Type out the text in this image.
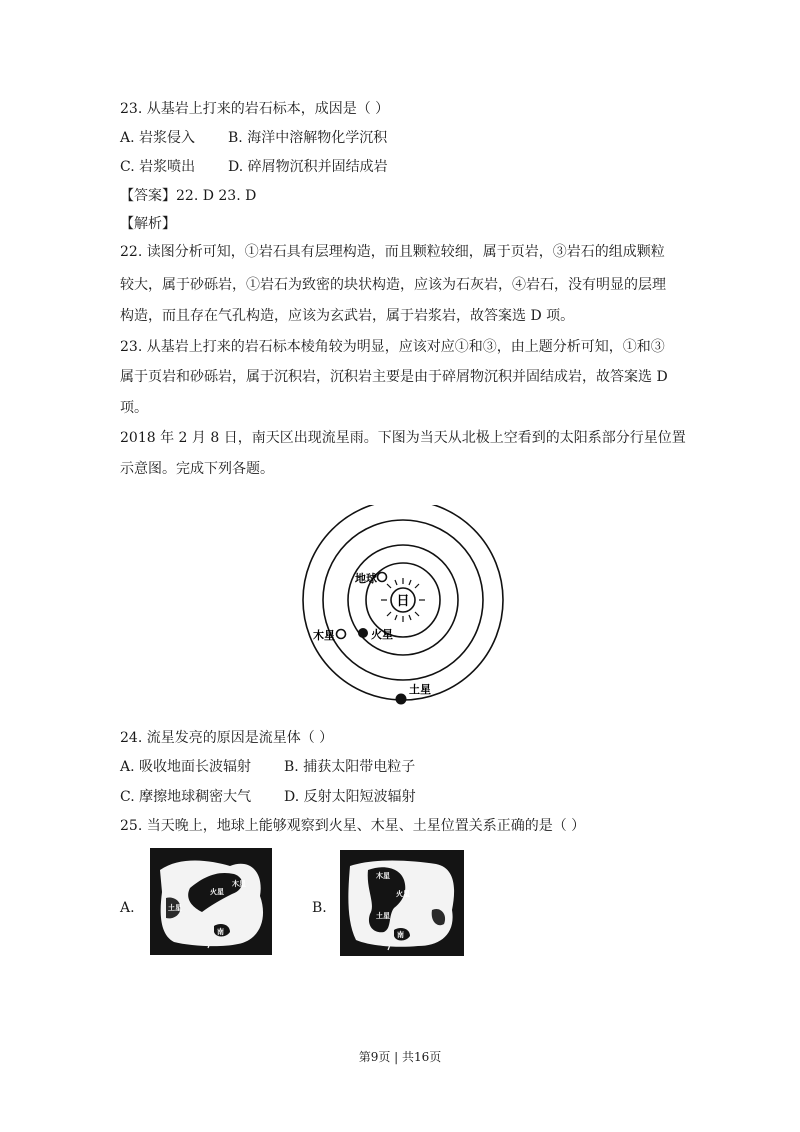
23. 从基岩上打来的岩石标本，成因是（ ）
A. 岩浆侵入 B. 海洋中溶解物化学沉积
C. 岩浆喷出 D. 碎屑物沉积并固结成岩
【答案】22. D 23. D
【解析】
22. 读图分析可知，①岩石具有层理构造，而且颗粒较细，属于页岩，③岩石的组成颗粒
较大，属于砂砾岩，①岩石为致密的块状构造，应该为石灰岩，④岩石，没有明显的层理
构造，而且存在气孔构造，应该为玄武岩，属于岩浆岩，故答案选 D 项。
23. 从基岩上打来的岩石标本棱角较为明显，应该对应①和③，由上题分析可知，①和③
属于页岩和砂砾岩，属于沉积岩，沉积岩主要是由于碎屑物沉积并固结成岩，故答案选 D
项。
2018 年 2 月 8 日，南天区出现流星雨。下图为当天从北极上空看到的太阳系部分行星位置
示意图。完成下列各题。
日
地球
火星
木星
土星
24. 流星发亮的原因是流星体（ ）
A. 吸收地面长波辐射 B. 捕获太阳带电粒子
C. 摩擦地球稠密大气 D. 反射太阳短波辐射
25. 当天晚上，地球上能够观察到火星、木星、土星位置关系正确的是（ ）
A.	B.
土星
火星
木星
南
木星
火星
土星
南
第9页 | 共16页
